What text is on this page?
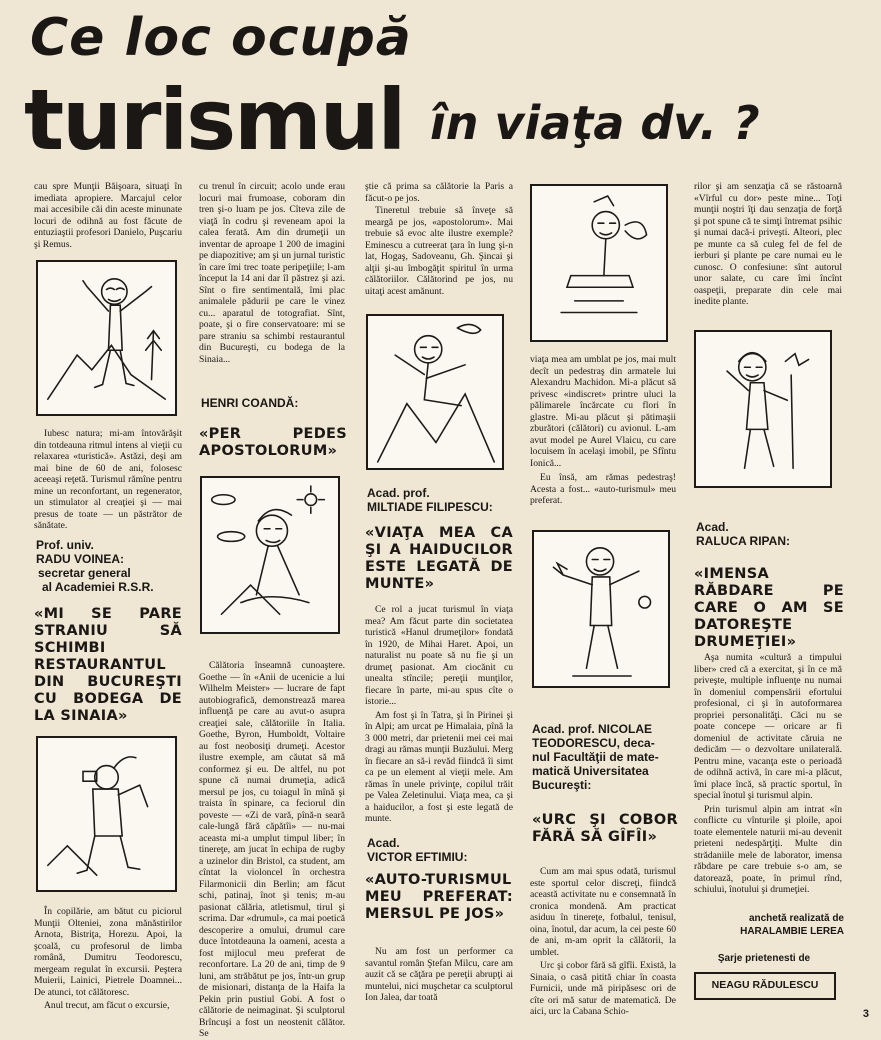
Ce loc ocupă
turismul în viaţa dv. ?

cau spre Munţii Băişoara, situaţi în imediata apropiere. Marcajul celor mai accesibile căi din aceste minunate locuri de odihnă au fost făcute de entuziaştii profesori Danielo, Puşcariu şi Remus.

Iubesc natura; mi-am întovărăşit din totdeauna ritmul intens al vieţii cu relaxarea «turistică». Astăzi, deşi am mai bine de 60 de ani, folosesc aceeaşi reţetă. Turismul rămîne pentru mine un reconfortant, un regenerator, un stimulator al creaţiei şi — mai presus de toate — un păstrător de sănătate.

Prof. univ.
RADU VOINEA:
secretar general
al Academiei R.S.R.
«MI SE PARE STRANIU SĂ SCHIMBI RESTAURANTUL DIN BUCUREŞTI CU BODEGA DE LA SINAIA»

În copilărie, am bătut cu piciorul Munţii Olteniei, zona mănăstirilor Arnota, Bistriţa, Horezu. Apoi, la şcoală, cu profesorul de limba română, Dumitru Teodorescu, mergeam regulat în excursii. Peştera Muierii, Lainici, Pietrele Doamnei... De atunci, tot călătoresc.

Anul trecut, am făcut o excursie,

cu trenul în circuit; acolo unde erau locuri mai frumoase, coboram din tren şi-o luam pe jos. Cîteva zile de viaţă în codru şi reveneam apoi la calea ferată. Am din drumeţii un inventar de aproape 1 200 de imagini pe diapozitive; am şi un jurnal turistic în care îmi trec toate peripeţiile; l-am început la 14 ani dar îl păstrez şi azi. Sînt o fire sentimentală, îmi plac animalele pădurii pe care le vinez cu... aparatul de totografiat. Sînt, poate, şi o fire conservatoare: mi se pare straniu sa schimbi restaurantul din Bucureşti, cu bodega de la Sinaia...

HENRI COANDĂ:
«PER PEDES APOSTOLORUM»

Călătoria înseamnă cunoaştere. Goethe — în «Anii de ucenicie a lui Wilhelm Meister» — lucrare de fapt autobiografică, demonstrează marea influenţă pe care au avut-o asupra creaţiei sale, călătoriile în Italia. Goethe, Byron, Humboldt, Voltaire au fost neobosiţi drumeţi. Acestor ilustre exemple, am căutat să mă conformez şi eu. De altfel, nu pot spune că numai drumeţia, adică mersul pe jos, cu toiagul în mînă şi traista în spinare, ca feciorul din poveste — «Zi de vară, pînă-n seară cale-lungă fără căpătîi» — nu-mai aceasta mi-a umplut timpul liber; în tinereţe, am jucat în echipa de rugby a uzinelor din Bristol, ca student, am cîntat la violoncel în orchestra Filarmonicii din Berlin; am făcut schi, patinaj, înot şi tenis; m-au pasionat călăria, atletismul, tirul şi scrima. Dar «drumul», ca mai poetică descoperire a omului, drumul care duce întotdeauna la oameni, acesta a fost mijlocul meu preferat de reconfortare. La 20 de ani, timp de 9 luni, am străbătut pe jos, într-un grup de misionari, distanţa de la Haifa la Pekin prin pustiul Gobi. A fost o călătorie de neimaginat. Şi sculptorul Brîncuşi a fost un neostenit călător. Se

ştie că prima sa călătorie la Paris a făcut-o pe jos.

Tineretul trebuie să înveţe să meargă pe jos, «apostolorum». Mai trebuie să evoc alte ilustre exemple? Eminescu a cutreerat ţara în lung şi-n lat, Hogaş, Sadoveanu, Gh. Şincai şi alţii şi-au îmbogăţit spiritul în urma călătoriilor. Călătorind pe jos, nu uitaţi acest amănunt.

Acad. prof.
MILTIADE FILIPESCU:
«VIAŢA MEA CA ŞI A HAIDUCILOR ESTE LEGATĂ DE MUNTE»

Ce rol a jucat turismul în viaţa mea? Am făcut parte din societatea turistică «Hanul drumeţilor» fondată în 1920, de Mihai Haret. Apoi, un naturalist nu poate să nu fie şi un drumeţ pasionat. Am ciocănit cu unealta stîncile; pereţii munţilor, fiecare în parte, mi-au spus cîte o istorie...

Am fost şi în Tatra, şi în Pirinei şi în Alpi; am urcat pe Himalaia, pînă la 3 000 metri, dar prietenii mei cei mai dragi au rămas munţii Buzăului. Merg în fiecare an să-i revăd fiindcă îi simt ca pe un element al vieţii mele. Am rămas în unele privinţe, copilul trăit pe Valea Zeletinului. Viaţa mea, ca şi a haiducilor, a fost şi este legată de munte.

Acad.
VICTOR EFTIMIU:
«AUTO-TURISMUL MEU PREFERAT: MERSUL PE JOS»

Nu am fost un performer ca savantul român Ştefan Milcu, care am auzit că se căţăra pe pereţii abrupţi ai muntelui, nici muşchetar ca sculptorul Ion Jalea, dar toată

viaţa mea am umblat pe jos, mai mult decît un pedestraş din armatele lui Alexandru Machidon. Mi-a plăcut să privesc «indiscret» printre uluci la pălimarele încărcate cu flori în glastre. Mi-au plăcut şi pătimaşii zburători (călători) cu avionul. L-am avut model pe Aurel Vlaicu, cu care locuisem în acelaşi imobil, pe Sfîntu Ionică...

Eu însă, am rămas pedestraş! Acesta a fost... «auto-turismul» meu preferat.

Acad. prof. NICOLAE
TEODORESCU, deca-
nul Facultăţii de mate-
matică Universitatea
Bucureşti:
«URC ŞI COBOR FĂRĂ SĂ GÎFÎI»

Cum am mai spus odată, turismul este sportul celor discreţi, fiindcă această activitate nu e consemnată în cronica mondenă. Am practicat asiduu în tinereţe, fotbalul, tenisul, oina, înotul, dar acum, la cei peste 60 de ani, m-am oprit la călătorii, la umblet.

Urc şi cobor fără să gîfîi. Există, la Sinaia, o casă pitită chiar în coasta Furnicii, unde mă piripăsesc ori de cîte ori mă satur de matematică. De aici, urc la Cabana Schio-

rilor şi am senzaţia că se răstoarnă «Vîrful cu dor» peste mine... Toţi munţii noştri îţi dau senzaţia de forţă şi pot spune că te simţi întremat psihic şi numai dacă-i priveşti. Alteori, plec pe munte ca să culeg fel de fel de ierburi şi plante pe care numai eu le cunosc. O confesiune: sînt autorul unor salate, cu care îmi încînt oaspeţii, preparate din cele mai inedite plante.

Acad.
RALUCA RIPAN:
«IMENSA RĂBDARE PE CARE O AM SE DATOREŞTE DRUMEŢIEI»

Aşa numita «cultură a timpului liber» cred că a exercitat, şi în ce mă priveşte, multiple influenţe nu numai în domeniul compensării efortului profesional, ci şi în autoformarea propriei personalităţi. Căci nu se poate concepe — oricare ar fi domeniul de activitate căruia ne dedicăm — o dezvoltare unilaterală. Pentru mine, vacanţa este o perioadă de odihnă activă, în care mi-a plăcut, îmi place încă, să practic sportul, în special înotul şi turismul alpin.

Prin turismul alpin am intrat «în conflicte cu vînturile şi ploile, apoi toate elementele naturii mi-au devenit prieteni nedespărţiţi. Multe din strădaniile mele de laborator, imensa răbdare pe care trebuie s-o am, se datorează, poate, în primul rînd, schiului, înotului şi drumeţiei.

anchetă realizată de
HARALAMBIE LEREA
Şarje prietenesti de
NEAGU RĂDULESCU
3
